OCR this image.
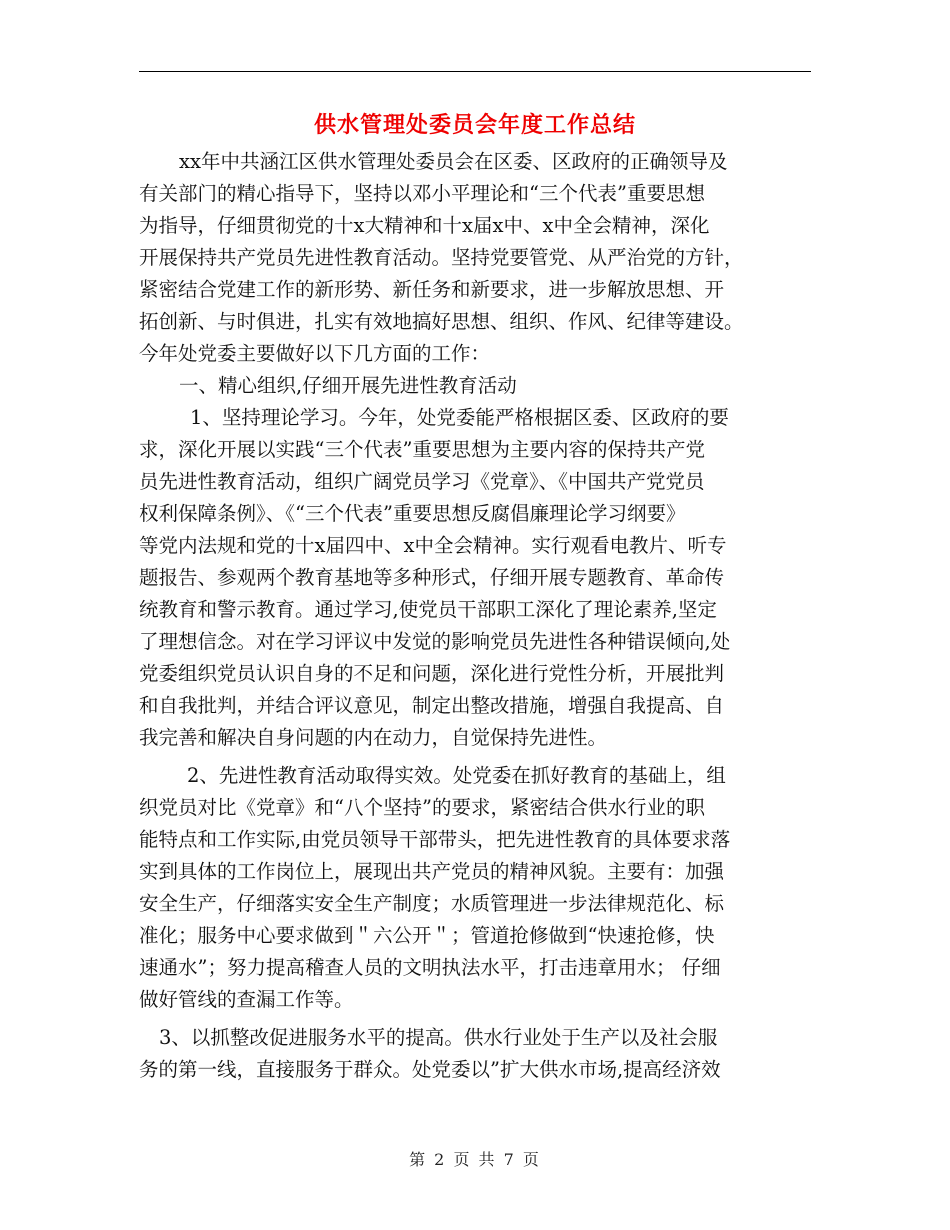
供水管理处委员会年度工作总结
xx年中共涵江区供水管理处委员会在区委、区政府的正确领导及
有关部门的精心指导下，坚持以邓小平理论和“三个代表”重要思想
为指导，仔细贯彻党的十x大精神和十x届x中、x中全会精神，深化
开展保持共产党员先进性教育活动。坚持党要管党、从严治党的方针，
紧密结合党建工作的新形势、新任务和新要求，进一步解放思想、开
拓创新、与时俱进，扎实有效地搞好思想、组织、作风、纪律等建设。
今年处党委主要做好以下几方面的工作：
一、精心组织,仔细开展先进性教育活动
1、坚持理论学习。今年，处党委能严格根据区委、区政府的要
求，深化开展以实践“三个代表”重要思想为主要内容的保持共产党
员先进性教育活动，组织广阔党员学习《党章》、《中国共产党党员
权利保障条例》、《“三个代表”重要思想反腐倡廉理论学习纲要》
等党内法规和党的十x届四中、x中全会精神。实行观看电教片、听专
题报告、参观两个教育基地等多种形式，仔细开展专题教育、革命传
统教育和警示教育。通过学习,使党员干部职工深化了理论素养,坚定
了理想信念。对在学习评议中发觉的影响党员先进性各种错误倾向,处
党委组织党员认识自身的不足和问题，深化进行党性分析，开展批判
和自我批判，并结合评议意见，制定出整改措施，增强自我提高、自
我完善和解决自身问题的内在动力，自觉保持先进性。
2、先进性教育活动取得实效。处党委在抓好教育的基础上，组
织党员对比《党章》和“八个坚持”的要求，紧密结合供水行业的职
能特点和工作实际,由党员领导干部带头，把先进性教育的具体要求落
实到具体的工作岗位上，展现出共产党员的精神风貌。主要有：加强
安全生产，仔细落实安全生产制度；水质管理进一步法律规范化、标
准化；服务中心要求做到＂六公开＂；管道抢修做到“快速抢修，快
速通水”；努力提高稽查人员的文明执法水平，打击违章用水； 仔细
做好管线的查漏工作等。
3、以抓整改促进服务水平的提高。供水行业处于生产以及社会服
务的第一线，直接服务于群众。处党委以”扩大供水市场,提高经济效
第 2 页 共 7 页
